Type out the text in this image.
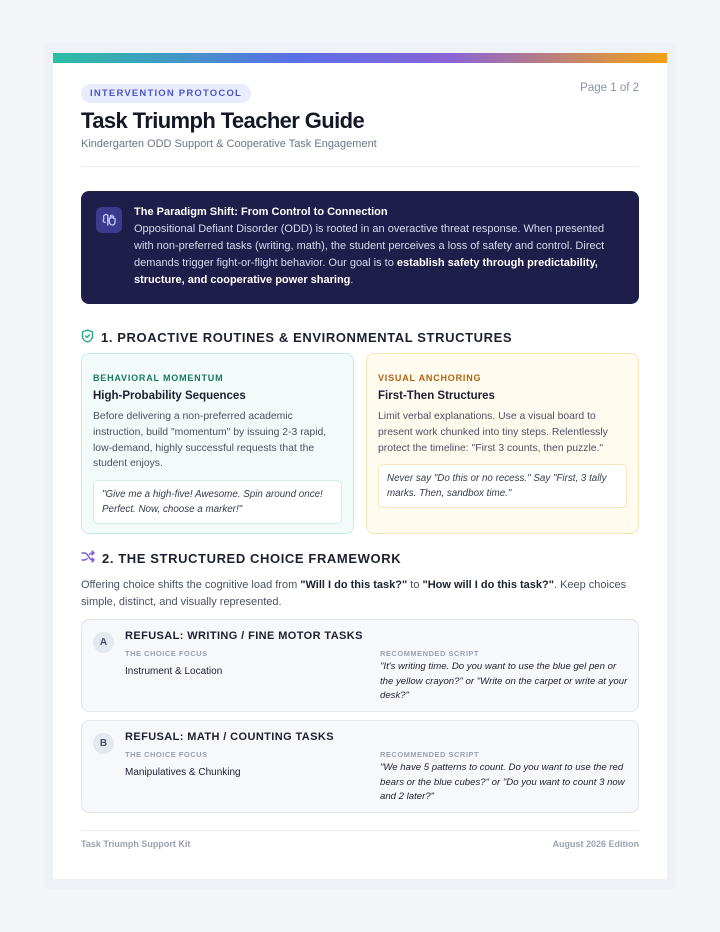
INTERVENTION PROTOCOL	Page 1 of 2
Task Triumph Teacher Guide
Kindergarten ODD Support & Cooperative Task Engagement
The Paradigm Shift: From Control to Connection
Oppositional Defiant Disorder (ODD) is rooted in an overactive threat response. When presented with non-preferred tasks (writing, math), the student perceives a loss of safety and control. Direct demands trigger fight-or-flight behavior. Our goal is to establish safety through predictability, structure, and cooperative power sharing.
1. PROACTIVE ROUTINES & ENVIRONMENTAL STRUCTURES
BEHAVIORAL MOMENTUM
High-Probability Sequences
Before delivering a non-preferred academic instruction, build "momentum" by issuing 2-3 rapid, low-demand, highly successful requests that the student enjoys.
"Give me a high-five! Awesome. Spin around once! Perfect. Now, choose a marker!"
VISUAL ANCHORING
First-Then Structures
Limit verbal explanations. Use a visual board to present work chunked into tiny steps. Relentlessly protect the timeline: "First 3 counts, then puzzle."
Never say "Do this or no recess." Say "First, 3 tally marks. Then, sandbox time."
2. THE STRUCTURED CHOICE FRAMEWORK
Offering choice shifts the cognitive load from "Will I do this task?" to "How will I do this task?". Keep choices simple, distinct, and visually represented.
A
REFUSAL: WRITING / FINE MOTOR TASKS
THE CHOICE FOCUS	RECOMMENDED SCRIPT
Instrument & Location	"It's writing time. Do you want to use the blue gel pen or the yellow crayon?" or "Write on the carpet or write at your desk?"
B
REFUSAL: MATH / COUNTING TASKS
THE CHOICE FOCUS	RECOMMENDED SCRIPT
Manipulatives & Chunking	"We have 5 patterns to count. Do you want to use the red bears or the blue cubes?" or "Do you want to count 3 now and 2 later?"
Task Triumph Support Kit	August 2026 Edition
